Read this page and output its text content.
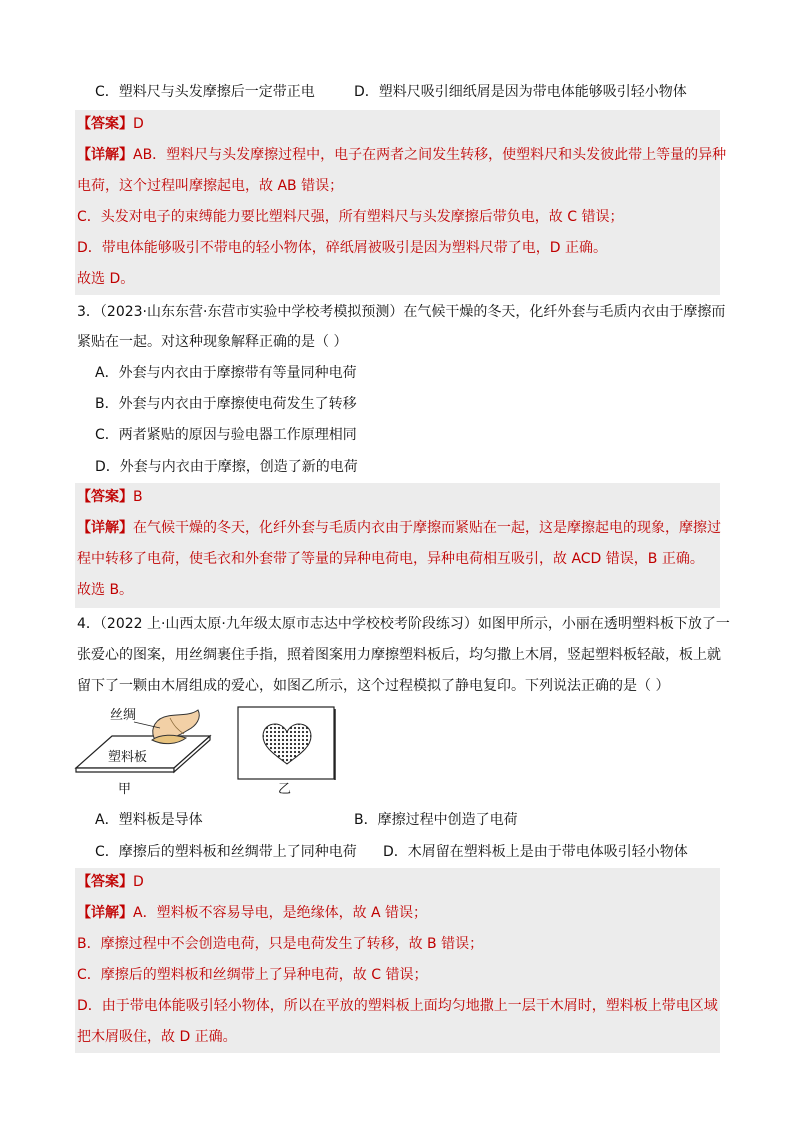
C．塑料尺与头发摩擦后一定带正电	D．塑料尺吸引细纸屑是因为带电体能够吸引轻小物体
【答案】D
【详解】AB．塑料尺与头发摩擦过程中，电子在两者之间发生转移，使塑料尺和头发彼此带上等量的异种
电荷，这个过程叫摩擦起电，故 AB 错误；
C．头发对电子的束缚能力要比塑料尺强，所有塑料尺与头发摩擦后带负电，故 C 错误；
D．带电体能够吸引不带电的轻小物体，碎纸屑被吸引是因为塑料尺带了电，D 正确。
故选 D。
3．（2023·山东东营·东营市实验中学校考模拟预测）在气候干燥的冬天，化纤外套与毛质内衣由于摩擦而
紧贴在一起。对这种现象解释正确的是（ ）
A．外套与内衣由于摩擦带有等量同种电荷
B．外套与内衣由于摩擦使电荷发生了转移
C．两者紧贴的原因与验电器工作原理相同
D．外套与内衣由于摩擦，创造了新的电荷
【答案】B
【详解】在气候干燥的冬天，化纤外套与毛质内衣由于摩擦而紧贴在一起，这是摩擦起电的现象，摩擦过
程中转移了电荷，使毛衣和外套带了等量的异种电荷电，异种电荷相互吸引，故 ACD 错误，B 正确。
故选 B。
4．（2022 上·山西太原·九年级太原市志达中学校校考阶段练习）如图甲所示，小丽在透明塑料板下放了一
张爱心的图案，用丝绸裹住手指，照着图案用力摩擦塑料板后，均匀撒上木屑，竖起塑料板轻敲，板上就
留下了一颗由木屑组成的爱心，如图乙所示，这个过程模拟了静电复印。下列说法正确的是（ ）
丝绸
塑料板
甲	乙
A．塑料板是导体	B．摩擦过程中创造了电荷
C．摩擦后的塑料板和丝绸带上了同种电荷 D．木屑留在塑料板上是由于带电体吸引轻小物体
【答案】D
【详解】A．塑料板不容易导电，是绝缘体，故 A 错误；
B．摩擦过程中不会创造电荷，只是电荷发生了转移，故 B 错误；
C．摩擦后的塑料板和丝绸带上了异种电荷，故 C 错误；
D．由于带电体能吸引轻小物体，所以在平放的塑料板上面均匀地撒上一层干木屑时，塑料板上带电区域
把木屑吸住，故 D 正确。
